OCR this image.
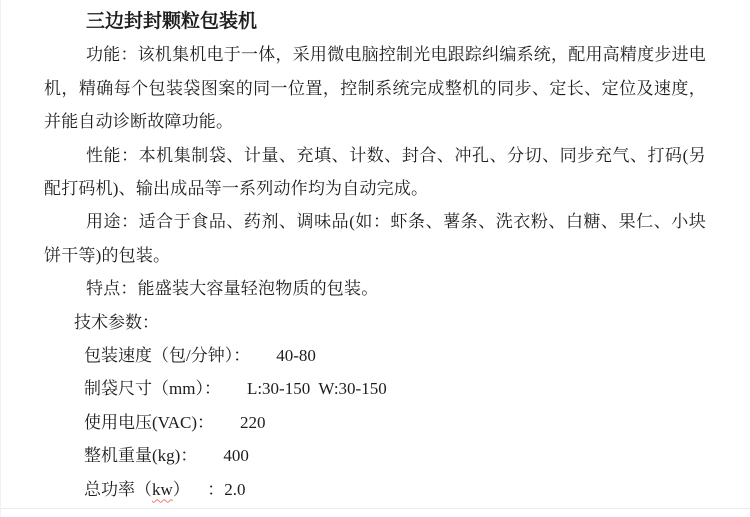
三边封封颗粒包装机

功能：该机集机电于一体，采用微电脑控制光电跟踪纠编系统，配用高精度步进电机，精确每个包装袋图案的同一位置，控制系统完成整机的同步、定长、定位及速度，并能自动诊断故障功能。

性能：本机集制袋、计量、充填、计数、封合、冲孔、分切、同步充气、打码(另配打码机)、输出成品等一系列动作均为自动完成。

用途：适合于食品、药剂、调味品(如：虾条、薯条、洗衣粉、白糖、果仁、小块饼干等)的包装。

特点：能盛装大容量轻泡物质的包装。

技术参数：

包装速度（包/分钟）： 40-80

制袋尺寸（mm）： L:30-150  W:30-150

使用电压(VAC)： 220

整机重量(kg)： 400

总功率（kw） ：2.0
